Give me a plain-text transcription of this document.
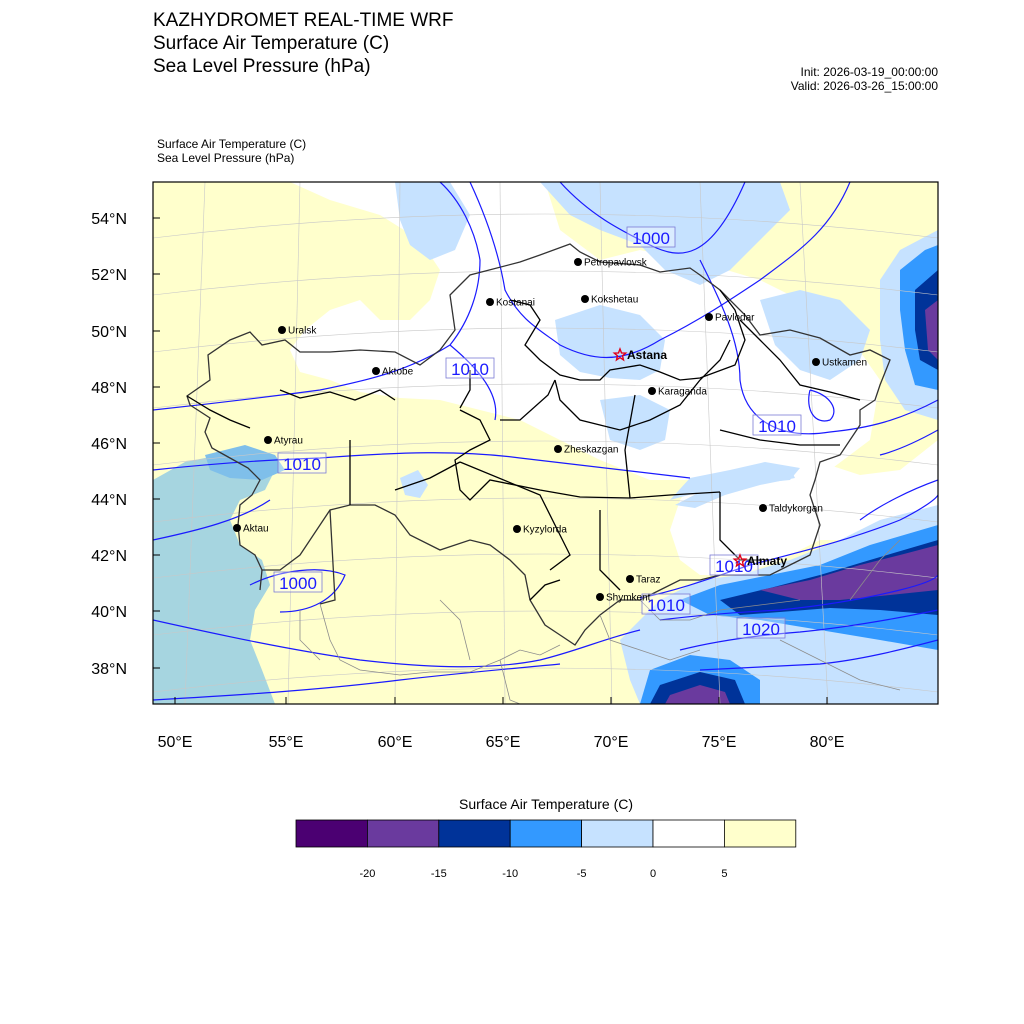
KAZHYDROMET REAL-TIME WRF
Surface Air Temperature (C)
Sea Level Pressure (hPa)	Init: 2026-03-19_00:00:00
Valid: 2026-03-26_15:00:00
Surface Air Temperature (C)
Sea Level Pressure (hPa)
54°N
52°N
50°N
48°N
46°N
44°N
42°N
40°N
38°N
50°E	55°E	60°E	65°E	70°E	75°E	80°E
1000
1010
1010
1010
1000
1010
1010
1020
Petropavlovsk
Kostanai	Kokshetau
Pavlodar
Uralsk
Astana
Aktobe
Ustkamen
Karaganda
Atyrau
Zheskazgan
Taldykorgan
Aktau	Kyzylorda
Almaty
Taraz
Shymkent
Surface Air Temperature (C)
-20	-15	-10	-5	0	5
